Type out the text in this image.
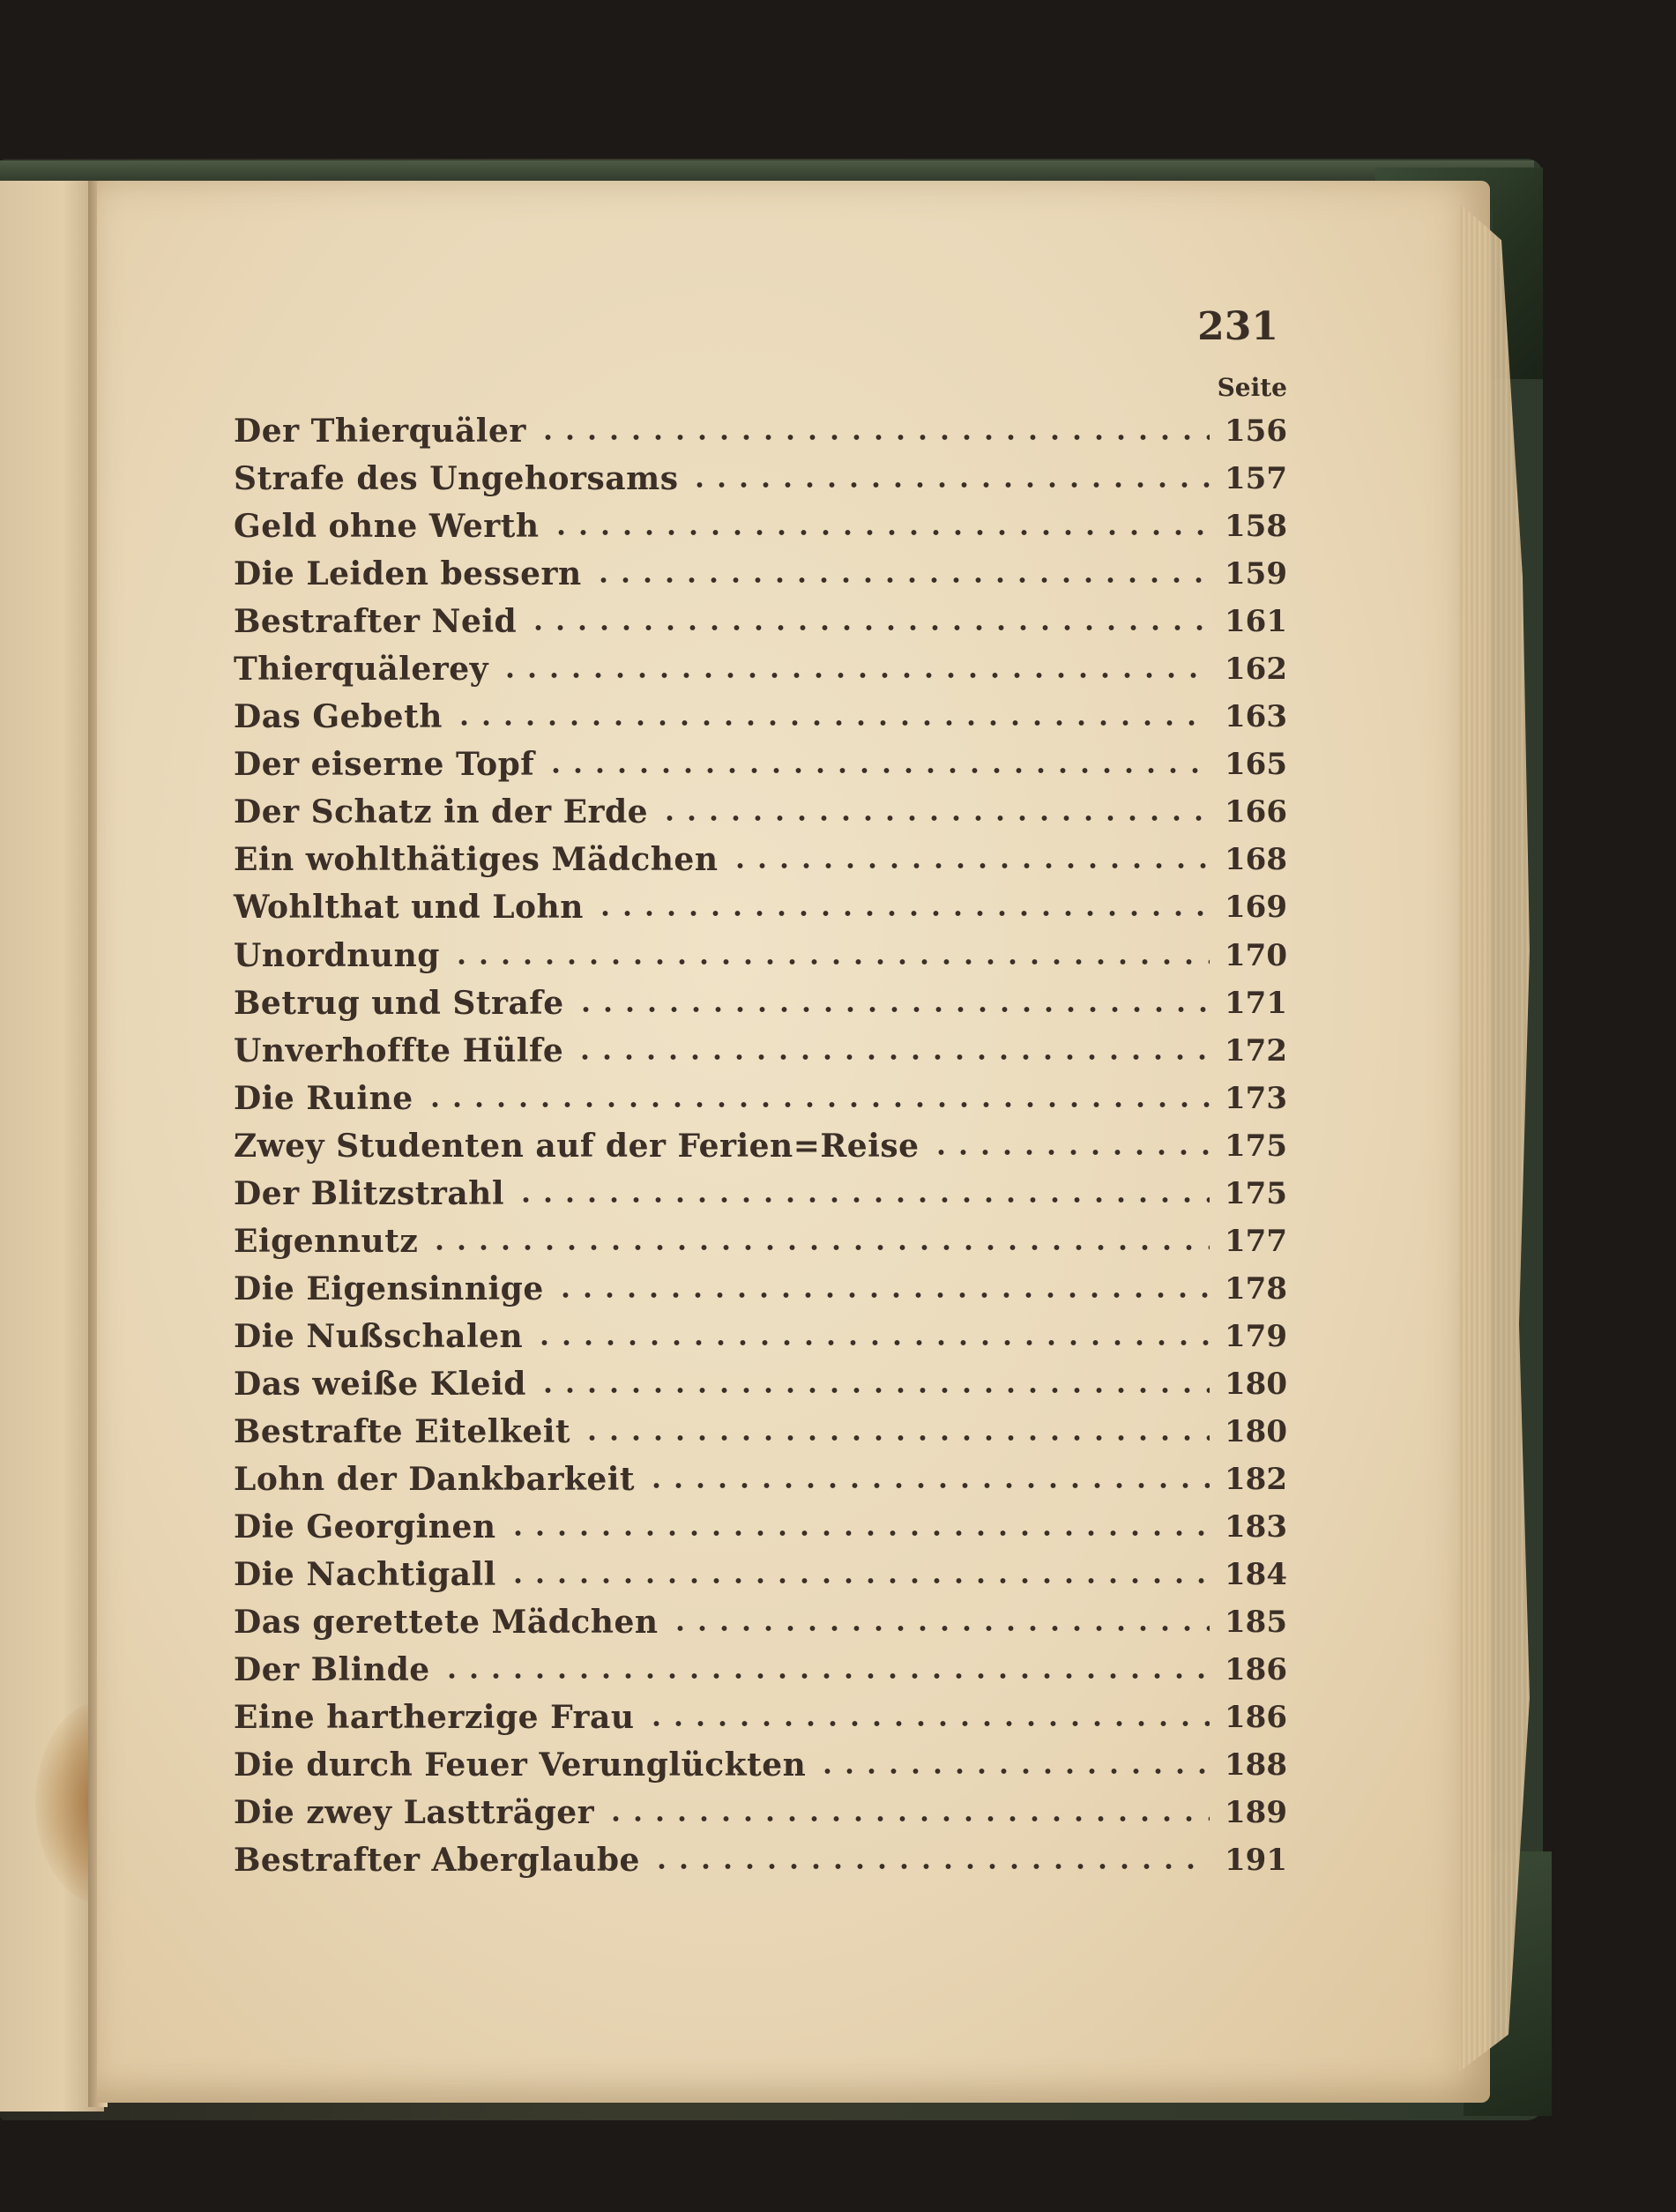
231
Seite
Der Thierquäler	156
Strafe des Ungehorsams	157
Geld ohne Werth	158
Die Leiden bessern	159
Bestrafter Neid	161
Thierquälerey	162
Das Gebeth	163
Der eiserne Topf	165
Der Schatz in der Erde	166
Ein wohlthätiges Mädchen	168
Wohlthat und Lohn	169
Unordnung	170
Betrug und Strafe	171
Unverhoffte Hülfe	172
Die Ruine	173
Zwey Studenten auf der Ferien=Reise	175
Der Blitzstrahl	175
Eigennutz	177
Die Eigensinnige	178
Die Nußschalen	179
Das weiße Kleid	180
Bestrafte Eitelkeit	180
Lohn der Dankbarkeit	182
Die Georginen	183
Die Nachtigall	184
Das gerettete Mädchen	185
Der Blinde	186
Eine hartherzige Frau	186
Die durch Feuer Verunglückten	188
Die zwey Lastträger	189
Bestrafter Aberglaube	191
